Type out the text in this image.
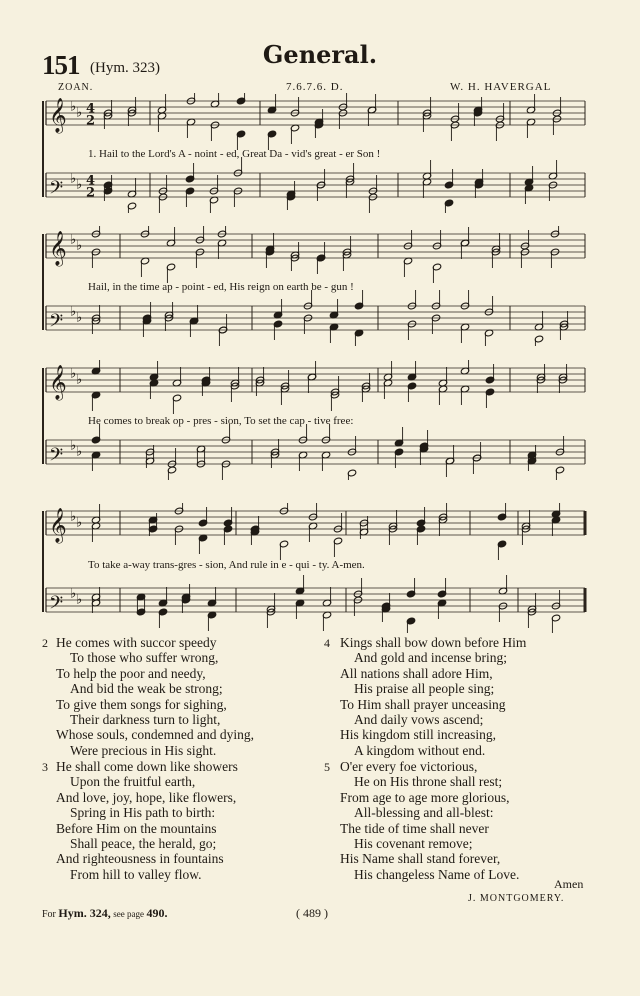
151 (Hym. 323)	General.
ZOAN.	7.6.7.6. D.	W. H. HAVERGAL
𝄞 ♭ ♭ 4
2
𝄢 ♭ ♭ 4
2
1. Hail to the Lord's A - noint - ed, Great Da - vid's great - er Son !
𝄞 ♭ ♭
𝄢 ♭ ♭
Hail, in the time ap - point - ed, His reign on earth be - gun !
𝄞 ♭ ♭
𝄢 ♭ ♭
He comes to break op - pres - sion, To set the cap - tive free:
𝄞 ♭ ♭
𝄢 ♭ ♭
To take a-way trans-gres - sion, And rule in e - qui - ty. A-men.
2 He comes with succor speedy
To those who suffer wrong,
To help the poor and needy,
And bid the weak be strong;
To give them songs for sighing,
Their darkness turn to light,
Whose souls, condemned and dying,
Were precious in His sight.
3 He shall come down like showers
Upon the fruitful earth,
And love, joy, hope, like flowers,
Spring in His path to birth:
Before Him on the mountains
Shall peace, the herald, go;
And righteousness in fountains
From hill to valley flow.
4 Kings shall bow down before Him
And gold and incense bring;
All nations shall adore Him,
His praise all people sing;
To Him shall prayer unceasing
And daily vows ascend;
His kingdom still increasing,
A kingdom without end.
5 O'er every foe victorious,
He on His throne shall rest;
From age to age more glorious,
All-blessing and all-blest:
The tide of time shall never
His covenant remove;
His Name shall stand forever,
His changeless Name of Love.
Amen
J. MONTGOMERY.
For Hym. 324, see page 490.	( 489 )
